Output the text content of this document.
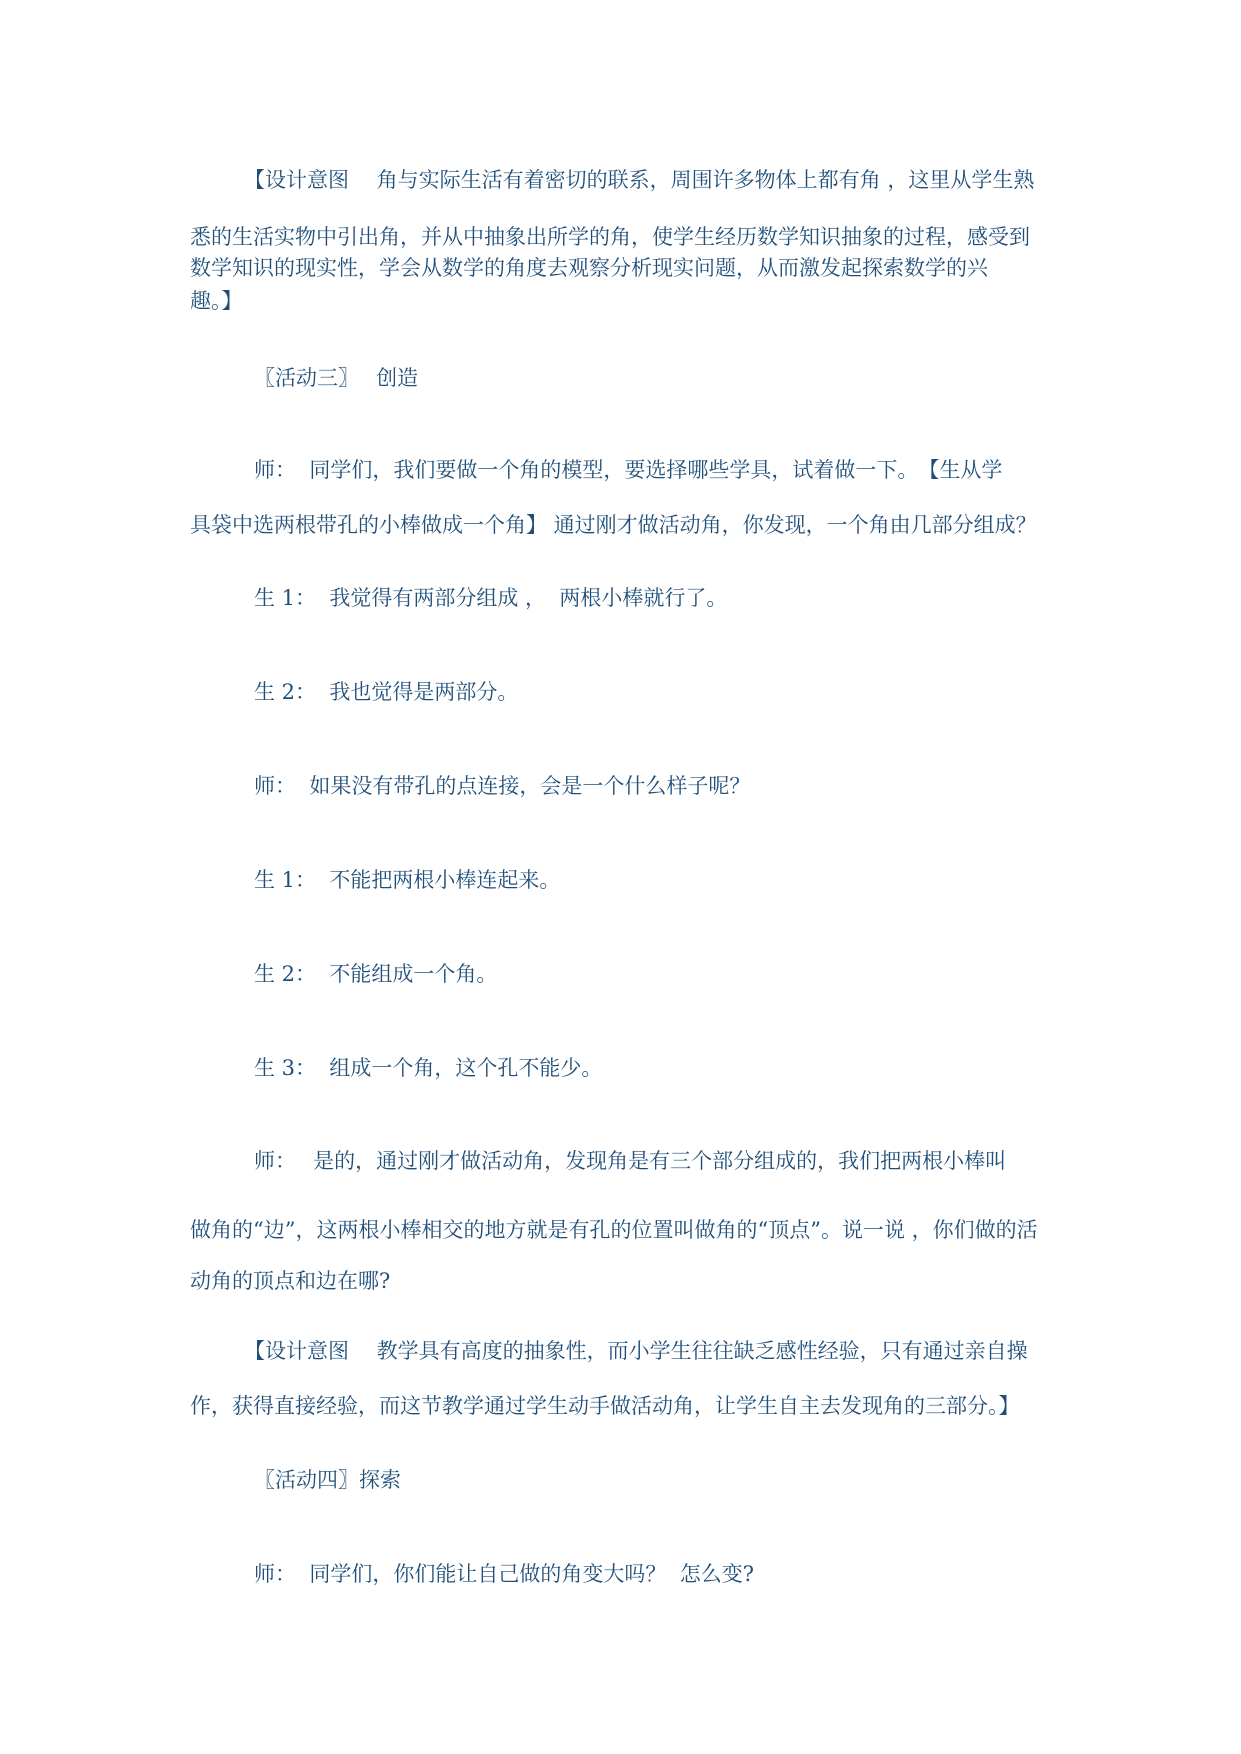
【设计意图　 角与实际生活有着密切的联系，周围许多物体上都有角 ，这里从学生熟
悉的生活实物中引出角，并从中抽象出所学的角，使学生经历数学知识抽象的过程，感受到
数学知识的现实性，学会从数学的角度去观察分析现实问题，从而激发起探索数学的兴
趣。】
〖活动三〗　 创造
师：  同学们，我们要做一个角的模型，要选择哪些学具，试着做一下。　【生从学
具袋中选两根带孔的小棒做成一个角】 通过刚才做活动角，你发现，一个角由几部分组成？
生 1：  我觉得有两部分组成 ，  两根小棒就行了。
生 2：  我也觉得是两部分。
师：  如果没有带孔的点连接，会是一个什么样子呢？
生 1：  不能把两根小棒连起来。
生 2：  不能组成一个角。
生 3：  组成一个角，这个孔不能少。
师：　 是的，通过刚才做活动角，发现角是有三个部分组成的，我们把两根小棒叫
做角的“边”，这两根小棒相交的地方就是有孔的位置叫做角的“顶点”。说一说 ，你们做的活
动角的顶点和边在哪?
【设计意图　 教学具有高度的抽象性，而小学生往往缺乏感性经验，只有通过亲自操
作，获得直接经验，而这节教学通过学生动手做活动角，让学生自主去发现角的三部分。】
〖活动四〗探索
师：  同学们，你们能让自己做的角变大吗？  怎么变?
